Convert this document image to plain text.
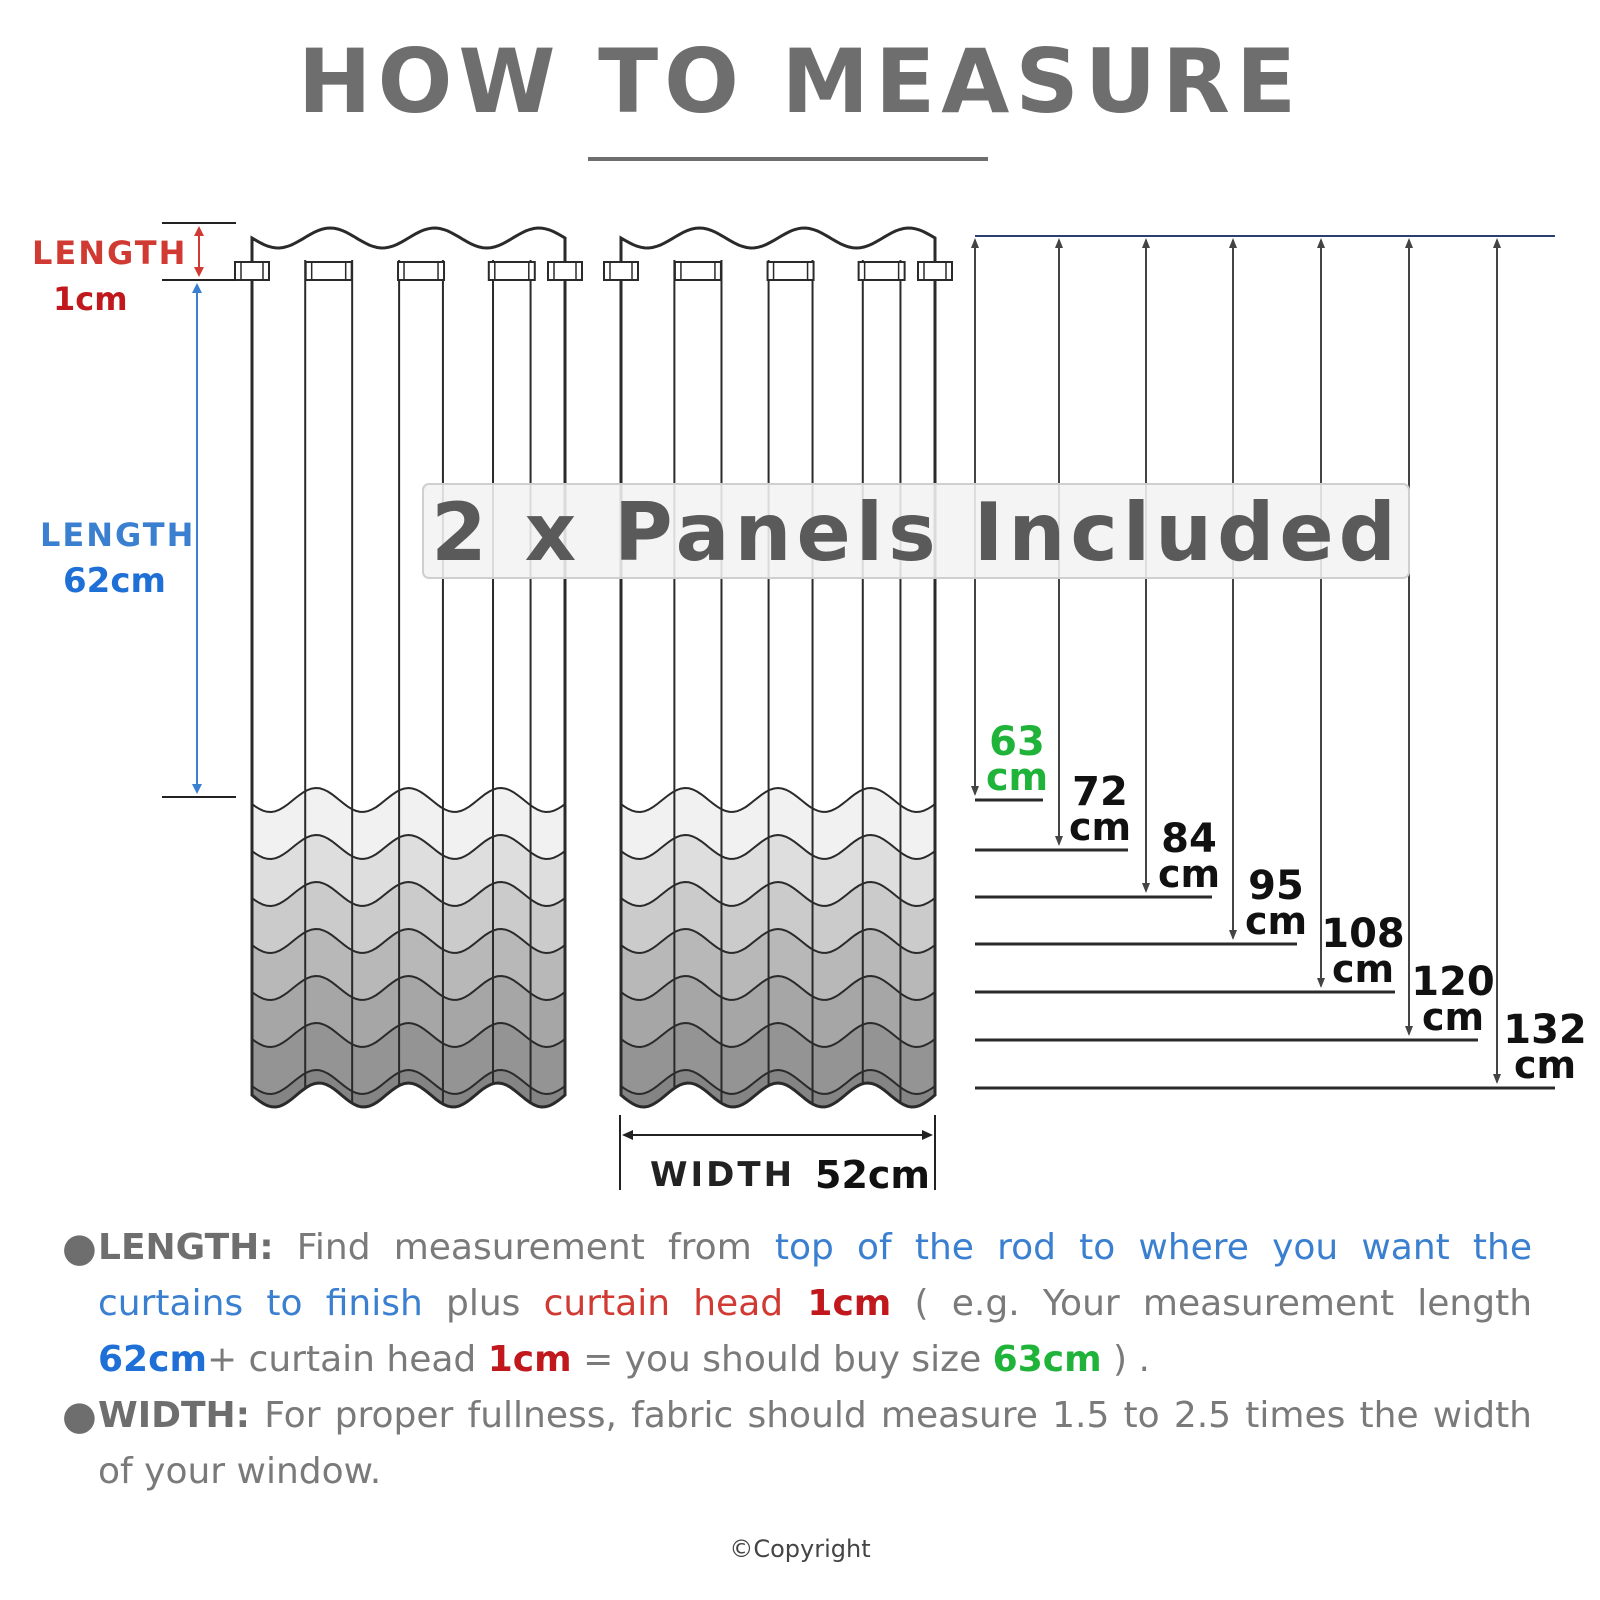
HOW TO MEASURE
LENGTH
1cm
LENGTH
62cm
63
cm 72
cm 84
cm 95
cm 108
cm 120
cm 132
cm
WIDTH 52cm
2 x Panels Included
● LENGTH: Find measurement from top of the rod to where you want the curtains to finish plus curtain head 1cm ( e.g. Your measurement length 62cm+ curtain head 1cm = you should buy size 63cm ) .
● WIDTH: For proper fullness, fabric should measure 1.5 to 2.5 times the width of your window.
©Copyright
